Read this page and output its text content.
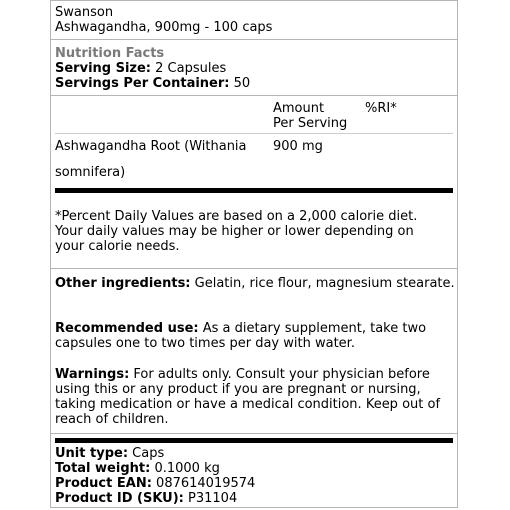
Swanson
Ashwagandha, 900mg - 100 caps
Nutrition Facts
Serving Size: 2 Capsules
Servings Per Container: 50
Amount
Per Serving
%RI*
Ashwagandha Root (Withania 900 mg
somnifera)
*Percent Daily Values are based on a 2,000 calorie diet.
Your daily values may be higher or lower depending on
your calorie needs.

Other ingredients: Gelatin, rice flour, magnesium stearate.

Recommended use: As a dietary supplement, take two capsules one to two times per day with water.

Warnings: For adults only. Consult your physician before using this or any product if you are pregnant or nursing, taking medication or have a medical condition. Keep out of reach of children.

Unit type: Caps
Total weight: 0.1000 kg
Product EAN: 087614019574
Product ID (SKU): P31104
